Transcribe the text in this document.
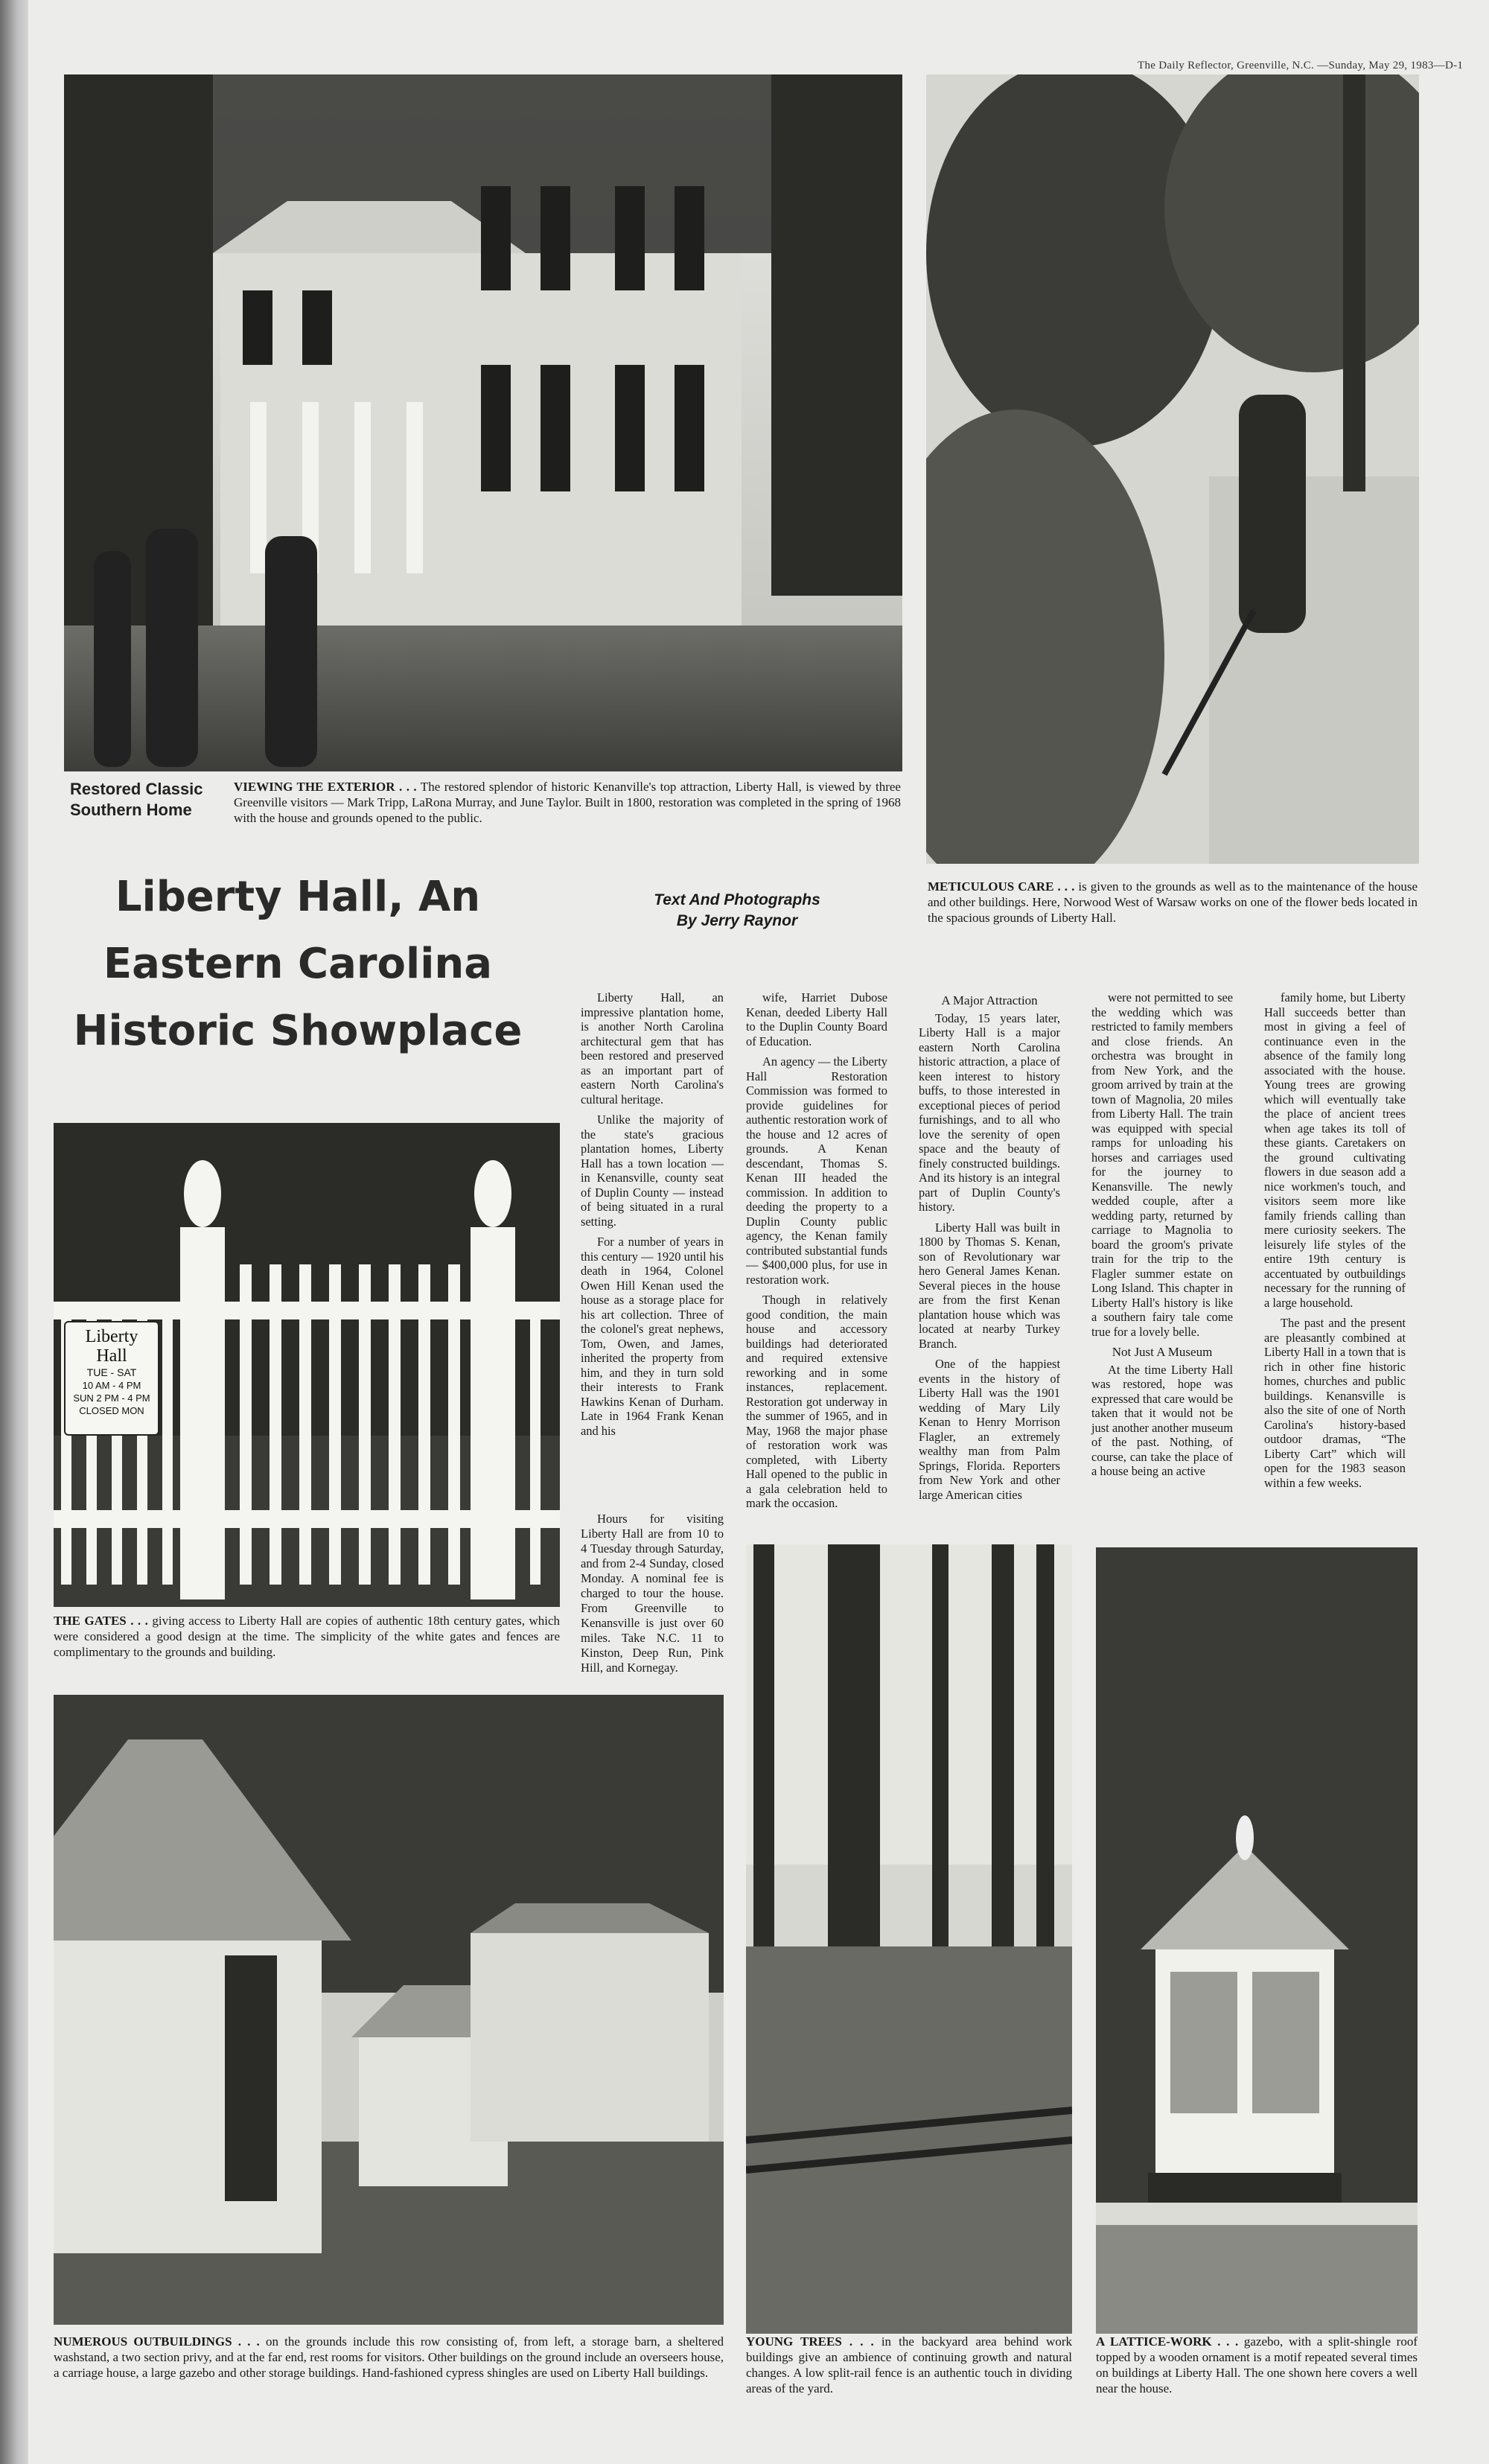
The Daily Reflector, Greenville, N.C. —Sunday, May 29, 1983—D-1
Restored Classic
Southern Home
VIEWING THE EXTERIOR . . . The restored splendor of historic Kenanville's top attraction, Liberty Hall, is viewed by three Greenville visitors — Mark Tripp, LaRona Murray, and June Taylor. Built in 1800, restoration was completed in the spring of 1968 with the house and grounds opened to the public.
METICULOUS CARE . . . is given to the grounds as well as to the maintenance of the house and other buildings. Here, Norwood West of Warsaw works on one of the flower beds located in the spacious grounds of Liberty Hall.
Liberty Hall, An
Eastern Carolina
Historic Showplace
Text And Photographs
By Jerry Raynor
Liberty
Hall
TUE - SAT
10 AM - 4 PM
SUN 2 PM - 4 PM
CLOSED MON
THE GATES . . . giving access to Liberty Hall are copies of authentic 18th century gates, which were considered a good design at the time. The simplicity of the white gates and fences are complimentary to the grounds and building.

Liberty Hall, an impressive plantation home, is another North Carolina architectural gem that has been restored and preserved as an important part of eastern North Carolina's cultural heritage.

Unlike the majority of the state's gracious plantation homes, Liberty Hall has a town location — in Kenansville, county seat of Duplin County — instead of being situated in a rural setting.

For a number of years in this century — 1920 until his death in 1964, Colonel Owen Hill Kenan used the house as a storage place for his art collection. Three of the colonel's great nephews, Tom, Owen, and James, inherited the property from him, and they in turn sold their interests to Frank Hawkins Kenan of Durham. Late in 1964 Frank Kenan and his

wife, Harriet Dubose Kenan, deeded Liberty Hall to the Duplin County Board of Education.

An agency — the Liberty Hall Restoration Commission was formed to provide guidelines for authentic restoration work of the house and 12 acres of grounds. A Kenan descendant, Thomas S. Kenan III headed the commission. In addition to deeding the property to a Duplin County public agency, the Kenan family contributed substantial funds — $400,000 plus, for use in restoration work.

Though in relatively good condition, the main house and accessory buildings had deteriorated and required extensive reworking and in some instances, replacement. Restoration got underway in the summer of 1965, and in May, 1968 the major phase of restoration work was completed, with Liberty Hall opened to the public in a gala celebration held to mark the occasion.

A Major Attraction

Today, 15 years later, Liberty Hall is a major eastern North Carolina historic attraction, a place of keen interest to history buffs, to those interested in exceptional pieces of period furnishings, and to all who love the serenity of open space and the beauty of finely constructed buildings. And its history is an integral part of Duplin County's history.

Liberty Hall was built in 1800 by Thomas S. Kenan, son of Revolutionary war hero General James Kenan. Several pieces in the house are from the first Kenan plantation house which was located at nearby Turkey Branch.

One of the happiest events in the history of Liberty Hall was the 1901 wedding of Mary Lily Kenan to Henry Morrison Flagler, an extremely wealthy man from Palm Springs, Florida. Reporters from New York and other large American cities

were not permitted to see the wedding which was restricted to family members and close friends. An orchestra was brought in from New York, and the groom arrived by train at the town of Magnolia, 20 miles from Liberty Hall. The train was equipped with special ramps for unloading his horses and carriages used for the journey to Kenansville. The newly wedded couple, after a wedding party, returned by carriage to Magnolia to board the groom's private train for the trip to the Flagler summer estate on Long Island. This chapter in Liberty Hall's history is like a southern fairy tale come true for a lovely belle.

Not Just A Museum

At the time Liberty Hall was restored, hope was expressed that care would be taken that it would not be just another another museum of the past. Nothing, of course, can take the place of a house being an active

family home, but Liberty Hall succeeds better than most in giving a feel of continuance even in the absence of the family long associated with the house. Young trees are growing which will eventually take the place of ancient trees when age takes its toll of these giants. Caretakers on the ground cultivating flowers in due season add a nice workmen's touch, and visitors seem more like family friends calling than mere curiosity seekers. The leisurely life styles of the entire 19th century is accentuated by outbuildings necessary for the running of a large household.

The past and the present are pleasantly combined at Liberty Hall in a town that is rich in other fine historic homes, churches and public buildings. Kenansville is also the site of one of North Carolina's history-based outdoor dramas, “The Liberty Cart” which will open for the 1983 season within a few weeks.

Hours for visiting Liberty Hall are from 10 to 4 Tuesday through Saturday, and from 2-4 Sunday, closed Monday. A nominal fee is charged to tour the house. From Greenville to Kenansville is just over 60 miles. Take N.C. 11 to Kinston, Deep Run, Pink Hill, and Kornegay.

NUMEROUS OUTBUILDINGS . . . on the grounds include this row consisting of, from left, a storage barn, a sheltered washstand, a two section privy, and at the far end, rest rooms for visitors. Other buildings on the ground include an overseers house, a carriage house, a large gazebo and other storage buildings. Hand-fashioned cypress shingles are used on Liberty Hall buildings.
YOUNG TREES . . . in the backyard area behind work buildings give an ambience of continuing growth and natural changes. A low split-rail fence is an authentic touch in dividing areas of the yard.
A LATTICE-WORK . . . gazebo, with a split-shingle roof topped by a wooden ornament is a motif repeated several times on buildings at Liberty Hall. The one shown here covers a well near the house.
